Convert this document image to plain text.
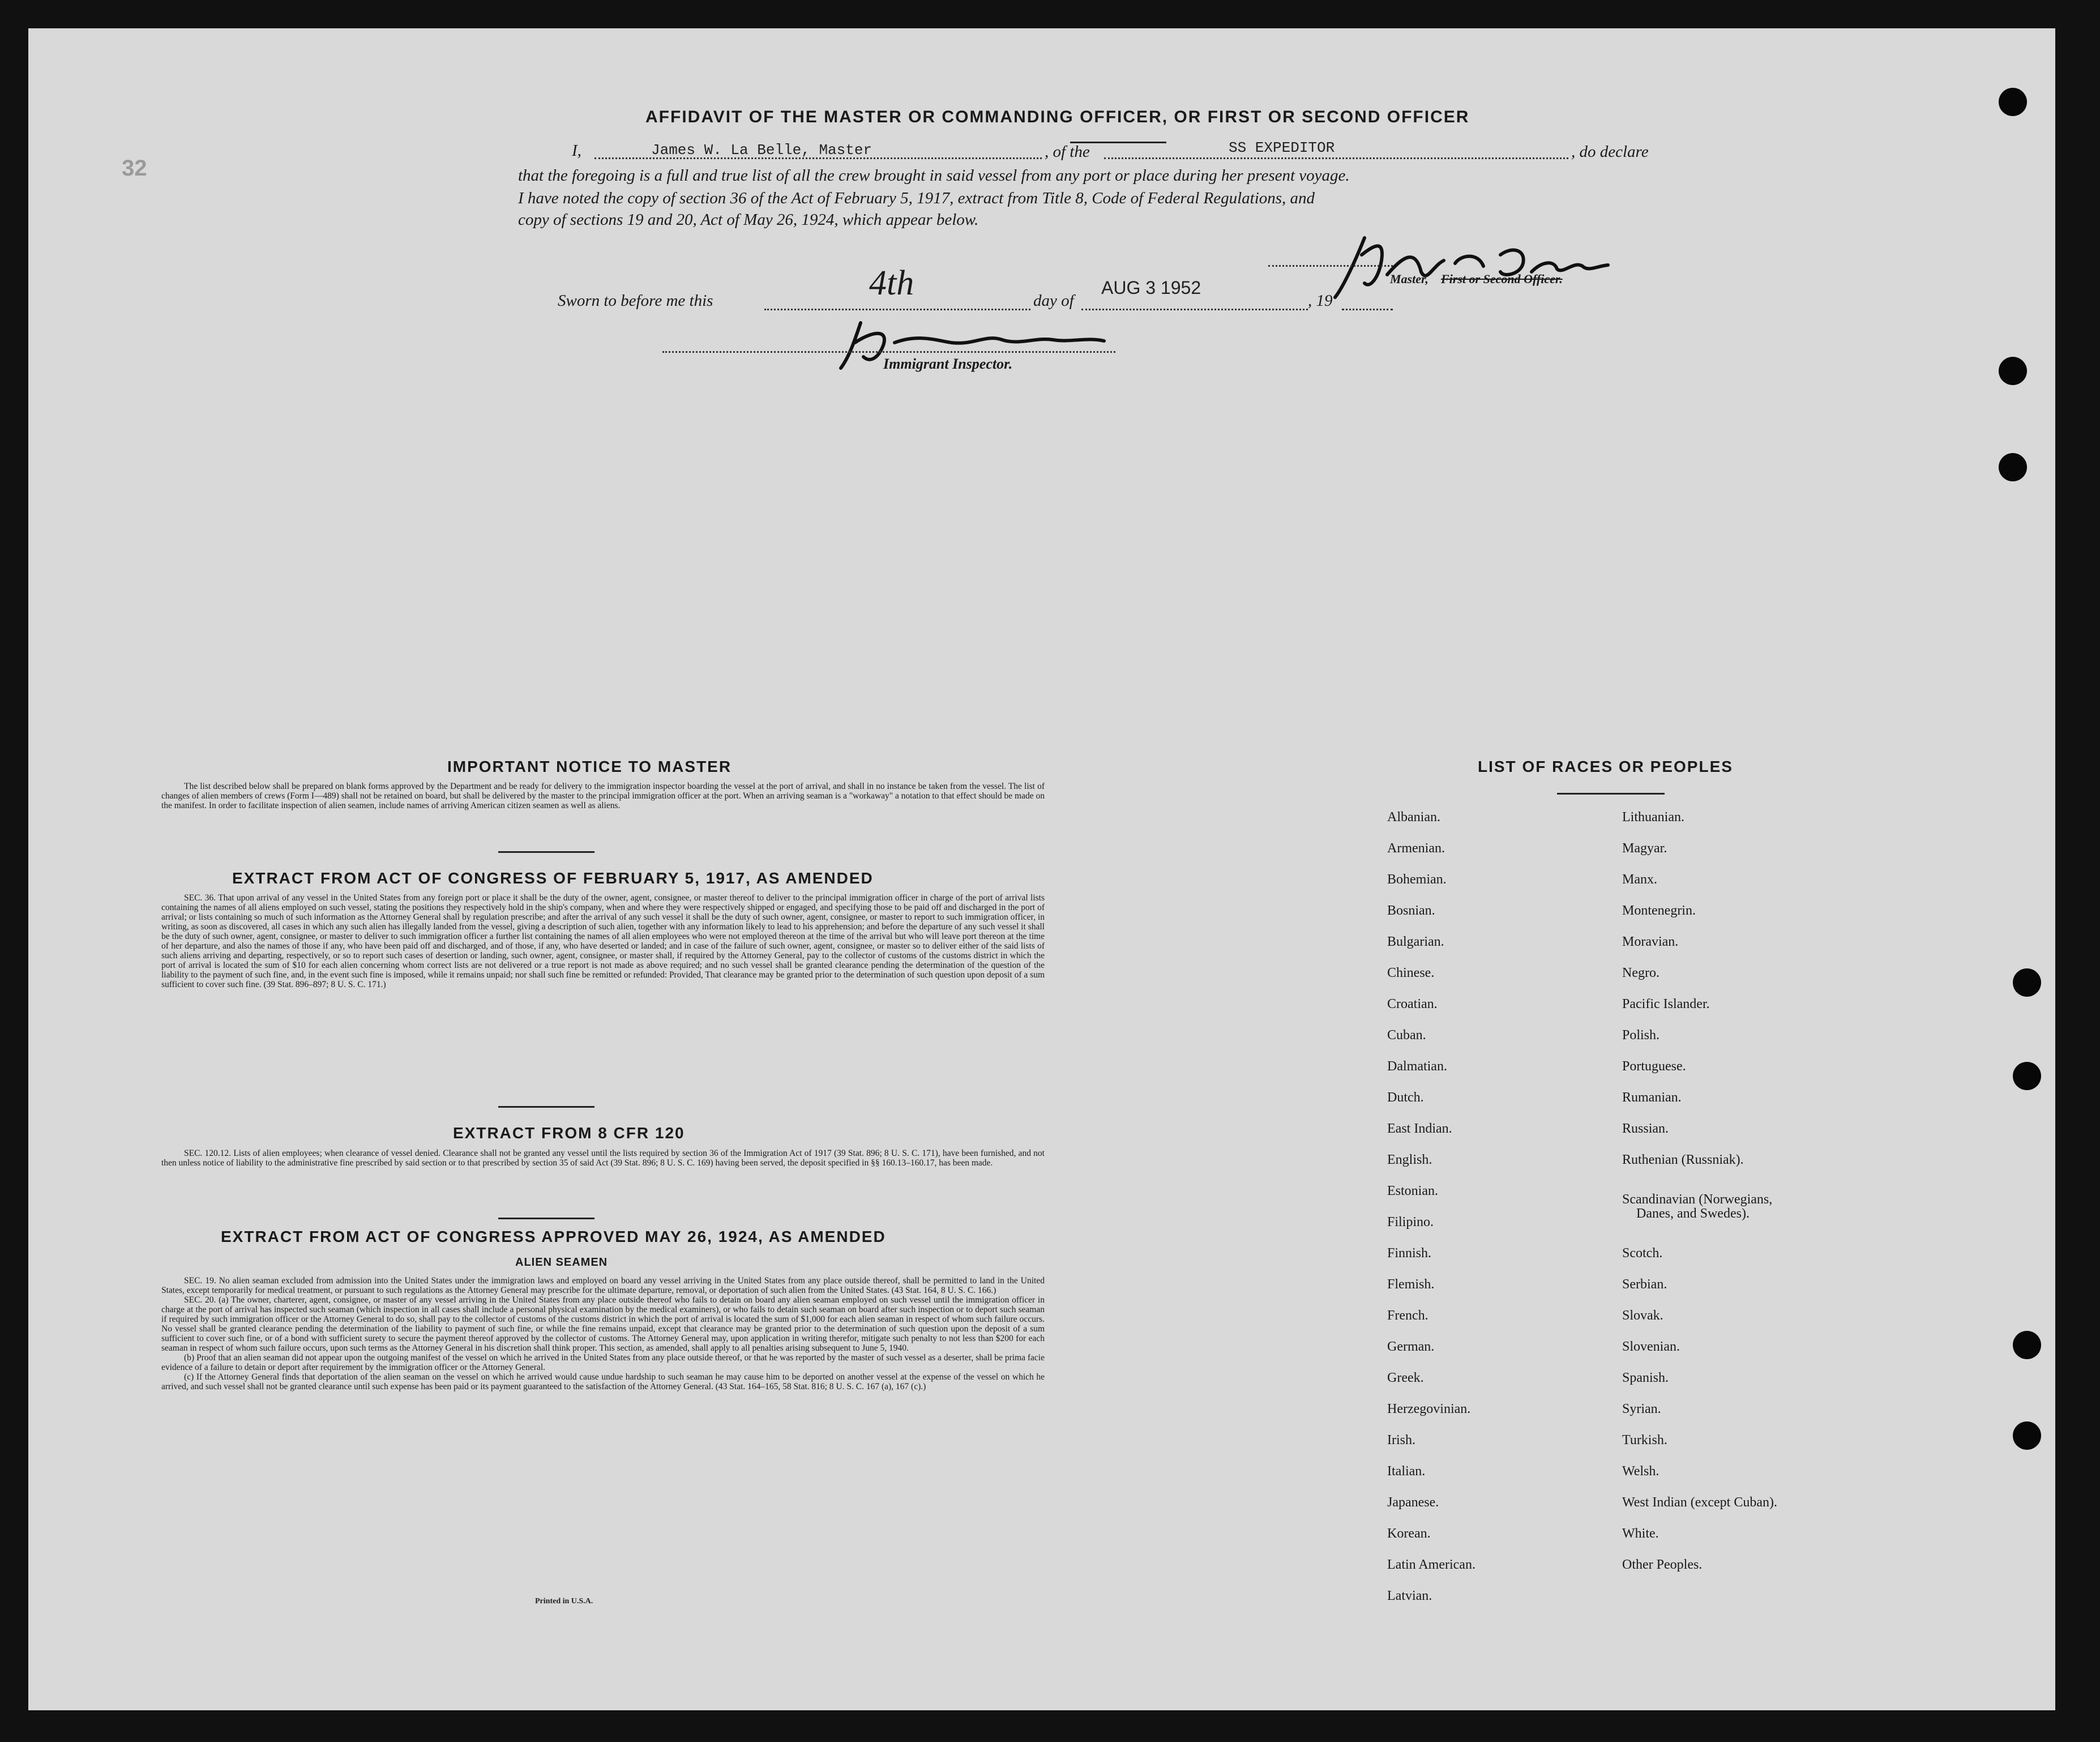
AFFIDAVIT OF THE MASTER OR COMMANDING OFFICER, OR FIRST OR SECOND OFFICER
32
I,	James W. La Belle, Master	, of the	SS EXPEDITOR	, do declare
that the foregoing is a full and true list of all the crew brought in said vessel from any port or place during her present voyage.
I have noted the copy of section 36 of the Act of February 5, 1917, extract from Title 8, Code of Federal Regulations, and
copy of sections 19 and 20, Act of May 26, 1924, which appear below.
Master, First or Second Officer.
Sworn to before me this	4th	day of
AUG 3 1952
, 19
Immigrant Inspector.
IMPORTANT NOTICE TO MASTER

The list described below shall be prepared on blank forms approved by the Department and be ready for delivery to the immigration inspector boarding the vessel at the port of arrival, and shall in no instance be taken from the vessel. The list of changes of alien members of crews (Form I—489) shall not be retained on board, but shall be delivered by the master to the principal immigration officer at the port. When an arriving seaman is a "workaway" a notation to that effect should be made on the manifest. In order to facilitate inspection of alien seamen, include names of arriving American citizen seamen as well as aliens.

EXTRACT FROM ACT OF CONGRESS OF FEBRUARY 5, 1917, AS AMENDED

SEC. 36. That upon arrival of any vessel in the United States from any foreign port or place it shall be the duty of the owner, agent, consignee, or master thereof to deliver to the principal immigration officer in charge of the port of arrival lists containing the names of all aliens employed on such vessel, stating the positions they respectively hold in the ship's company, when and where they were respectively shipped or engaged, and specifying those to be paid off and discharged in the port of arrival; or lists containing so much of such information as the Attorney General shall by regulation prescribe; and after the arrival of any such vessel it shall be the duty of such owner, agent, consignee, or master to report to such immigration officer, in writing, as soon as discovered, all cases in which any such alien has illegally landed from the vessel, giving a description of such alien, together with any information likely to lead to his apprehension; and before the departure of any such vessel it shall be the duty of such owner, agent, consignee, or master to deliver to such immigration officer a further list containing the names of all alien employees who were not employed thereon at the time of the arrival but who will leave port thereon at the time of her departure, and also the names of those if any, who have been paid off and discharged, and of those, if any, who have deserted or landed; and in case of the failure of such owner, agent, consignee, or master so to deliver either of the said lists of such aliens arriving and departing, respectively, or so to report such cases of desertion or landing, such owner, agent, consignee, or master shall, if required by the Attorney General, pay to the collector of customs of the customs district in which the port of arrival is located the sum of $10 for each alien concerning whom correct lists are not delivered or a true report is not made as above required; and no such vessel shall be granted clearance pending the determination of the question of the liability to the payment of such fine, and, in the event such fine is imposed, while it remains unpaid; nor shall such fine be remitted or refunded: Provided, That clearance may be granted prior to the determination of such question upon deposit of a sum sufficient to cover such fine. (39 Stat. 896–897; 8 U. S. C. 171.)

EXTRACT FROM 8 CFR 120

SEC. 120.12. Lists of alien employees; when clearance of vessel denied. Clearance shall not be granted any vessel until the lists required by section 36 of the Immigration Act of 1917 (39 Stat. 896; 8 U. S. C. 171), have been furnished, and not then unless notice of liability to the administrative fine prescribed by said section or to that prescribed by section 35 of said Act (39 Stat. 896; 8 U. S. C. 169) having been served, the deposit specified in §§ 160.13–160.17, has been made.

EXTRACT FROM ACT OF CONGRESS APPROVED MAY 26, 1924, AS AMENDED
ALIEN SEAMEN

SEC. 19. No alien seaman excluded from admission into the United States under the immigration laws and employed on board any vessel arriving in the United States from any place outside thereof, shall be permitted to land in the United States, except temporarily for medical treatment, or pursuant to such regulations as the Attorney General may prescribe for the ultimate departure, removal, or deportation of such alien from the United States. (43 Stat. 164, 8 U. S. C. 166.)

SEC. 20. (a) The owner, charterer, agent, consignee, or master of any vessel arriving in the United States from any place outside thereof who fails to detain on board any alien seaman employed on such vessel until the immigration officer in charge at the port of arrival has inspected such seaman (which inspection in all cases shall include a personal physical examination by the medical examiners), or who fails to detain such seaman on board after such inspection or to deport such seaman if required by such immigration officer or the Attorney General to do so, shall pay to the collector of customs of the customs district in which the port of arrival is located the sum of $1,000 for each alien seaman in respect of whom such failure occurs. No vessel shall be granted clearance pending the determination of the liability to payment of such fine, or while the fine remains unpaid, except that clearance may be granted prior to the determination of such question upon the deposit of a sum sufficient to cover such fine, or of a bond with sufficient surety to secure the payment thereof approved by the collector of customs. The Attorney General may, upon application in writing therefor, mitigate such penalty to not less than $200 for each seaman in respect of whom such failure occurs, upon such terms as the Attorney General in his discretion shall think proper. This section, as amended, shall apply to all penalties arising subsequent to June 5, 1940.

(b) Proof that an alien seaman did not appear upon the outgoing manifest of the vessel on which he arrived in the United States from any place outside thereof, or that he was reported by the master of such vessel as a deserter, shall be prima facie evidence of a failure to detain or deport after requirement by the immigration officer or the Attorney General.

(c) If the Attorney General finds that deportation of the alien seaman on the vessel on which he arrived would cause undue hardship to such seaman he may cause him to be deported on another vessel at the expense of the vessel on which he arrived, and such vessel shall not be granted clearance until such expense has been paid or its payment guaranteed to the satisfaction of the Attorney General. (43 Stat. 164–165, 58 Stat. 816; 8 U. S. C. 167 (a), 167 (c).)

Printed in U.S.A.
LIST OF RACES OR PEOPLES
Albanian.
Armenian.
Bohemian.
Bosnian.
Bulgarian.
Chinese.
Croatian.
Cuban.
Dalmatian.
Dutch.
East Indian.
English.
Estonian.
Filipino.
Finnish.
Flemish.
French.
German.
Greek.
Herzegovinian.
Irish.
Italian.
Japanese.
Korean.
Latin American.
Latvian.
Lithuanian.
Magyar.
Manx.
Montenegrin.
Moravian.
Negro.
Pacific Islander.
Polish.
Portuguese.
Rumanian.
Russian.
Ruthenian (Russniak).
Scandinavian (Norwegians,
Danes, and Swedes).
Scotch.
Serbian.
Slovak.
Slovenian.
Spanish.
Syrian.
Turkish.
Welsh.
West Indian (except Cuban).
White.
Other Peoples.
